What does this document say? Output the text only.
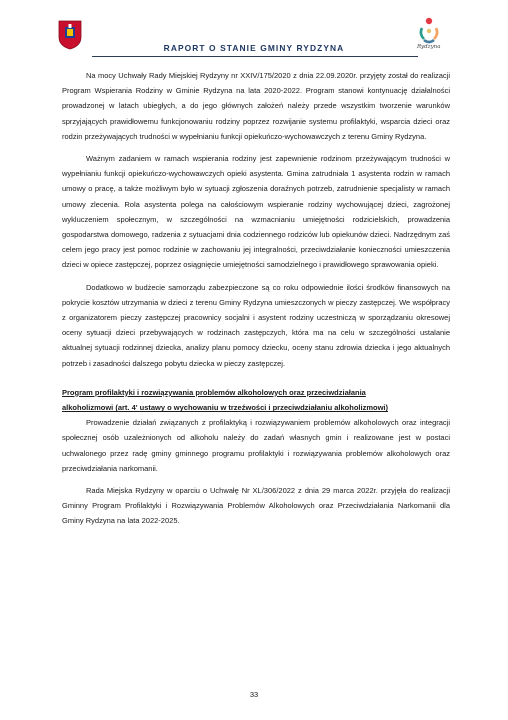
RAPORT O STANIE GMINY RYDZYNA	Rydzyna

Na mocy Uchwały Rady Miejskiej Rydzyny nr XXIV/175/2020 z dnia 22.09.2020r. przyjęty został do realizacji Program Wspierania Rodziny w Gminie Rydzyna na lata 2020-2022. Program stanowi kontynuację działalności prowadzonej w latach ubiegłych, a do jego głównych założeń należy przede wszystkim tworzenie warunków sprzyjających prawidłowemu funkcjonowaniu rodziny poprzez rozwijanie systemu profilaktyki, wsparcia dzieci oraz rodzin przeżywających trudności w wypełnianiu funkcji opiekuńczo-wychowawczych z terenu Gminy Rydzyna.

Ważnym zadaniem w ramach wspierania rodziny jest zapewnienie rodzinom przeżywającym trudności w wypełnianiu funkcji opiekuńczo-wychowawczych opieki asystenta. Gmina zatrudniała 1 asystenta rodzin w ramach umowy o pracę, a także możliwym było w sytuacji zgłoszenia doraźnych potrzeb, zatrudnienie specjalisty w ramach umowy zlecenia. Rola asystenta polega na całościowym wspieranie rodziny wychowującej dzieci, zagrożonej wykluczeniem społecznym, w szczególności na wzmacnianiu umiejętności rodzicielskich, prowadzenia gospodarstwa domowego, radzenia z sytuacjami dnia codziennego rodziców lub opiekunów dzieci. Nadrzędnym zaś celem jego pracy jest pomoc rodzinie w zachowaniu jej integralności, przeciwdziałanie konieczności umieszczenia dzieci w opiece zastępczej, poprzez osiągnięcie umiejętności samodzielnego i prawidłowego sprawowania opieki.

Dodatkowo w budżecie samorządu zabezpieczone są co roku odpowiednie ilości środków finansowych na pokrycie kosztów utrzymania w dzieci z terenu Gminy Rydzyna umieszczonych w pieczy zastępczej. We współpracy z organizatorem pieczy zastępczej pracownicy socjalni i asystent rodziny uczestniczą w sporządzaniu okresowej oceny sytuacji dzieci przebywających w rodzinach zastępczych, która ma na celu w szczególności ustalanie aktualnej sytuacji rodzinnej dziecka, analizy planu pomocy dziecku, oceny stanu zdrowia dziecka i jego aktualnych potrzeb i zasadności dalszego pobytu dziecka w pieczy zastępczej.

Program profilaktyki i rozwiązywania problemów alkoholowych oraz przeciwdziałania

alkoholizmowi (art. 4' ustawy o wychowaniu w trzeźwości i przeciwdziałaniu alkoholizmowi)

Prowadzenie działań związanych z profilaktyką i rozwiązywaniem problemów alkoholowych oraz integracji społecznej osób uzależnionych od alkoholu należy do zadań własnych gmin i realizowane jest w postaci uchwalonego przez radę gminy gminnego programu profilaktyki i rozwiązywania problemów alkoholowych oraz przeciwdziałania narkomanii.

Rada Miejska Rydzyny w oparciu o Uchwałę Nr XL/306/2022 z dnia 29 marca 2022r. przyjęła do realizacji Gminny Program Profilaktyki i Rozwiązywania Problemów Alkoholowych oraz Przeciwdziałania Narkomanii dla Gminy Rydzyna na lata 2022-2025.

33
